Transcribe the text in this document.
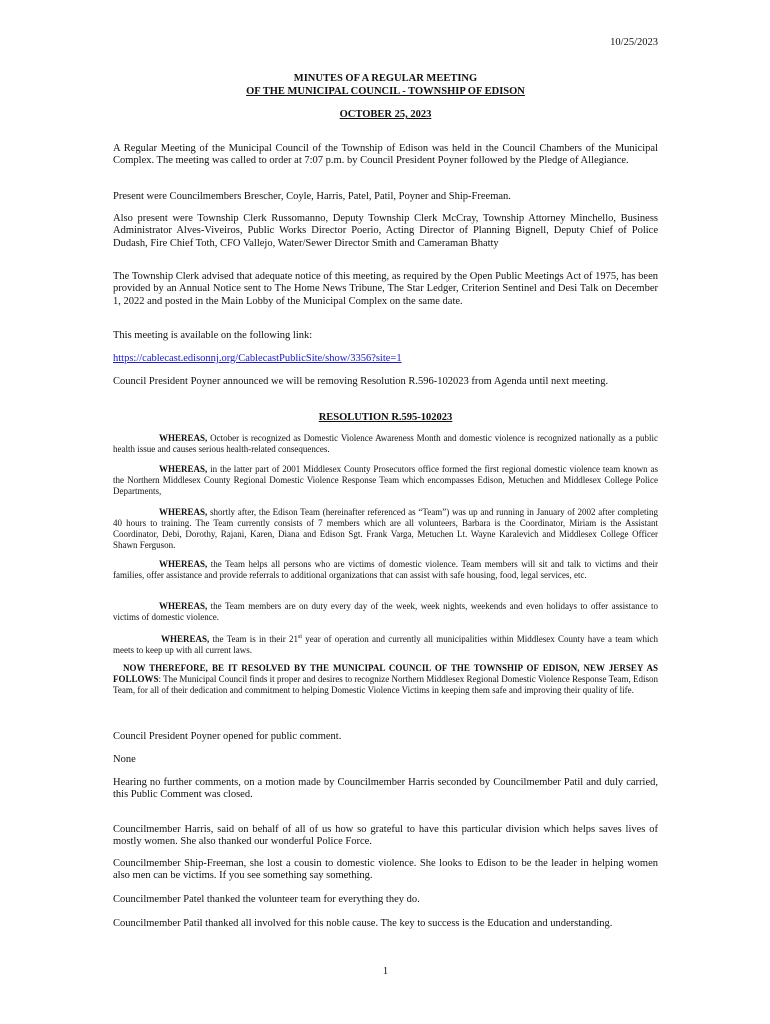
10/25/2023
MINUTES OF A REGULAR MEETING
OF THE MUNICIPAL COUNCIL - TOWNSHIP OF EDISON
OCTOBER 25, 2023

A Regular Meeting of the Municipal Council of the Township of Edison was held in the Council Chambers of the Municipal Complex. The meeting was called to order at 7:07 p.m. by Council President Poyner followed by the Pledge of Allegiance.

Present were Councilmembers Brescher, Coyle, Harris, Patel, Patil, Poyner and Ship-Freeman.

Also present were Township Clerk Russomanno, Deputy Township Clerk McCray, Township Attorney Minchello, Business Administrator Alves-Viveiros, Public Works Director Poerio, Acting Director of Planning Bignell, Deputy Chief of Police Dudash, Fire Chief Toth, CFO Vallejo, Water/Sewer Director Smith and Cameraman Bhatty

The Township Clerk advised that adequate notice of this meeting, as required by the Open Public Meetings Act of 1975, has been provided by an Annual Notice sent to The Home News Tribune, The Star Ledger, Criterion Sentinel and Desi Talk on December 1, 2022 and posted in the Main Lobby of the Municipal Complex on the same date.

This meeting is available on the following link:

https://cablecast.edisonnj.org/CablecastPublicSite/show/3356?site=1

Council President Poyner announced we will be removing Resolution R.596-102023 from Agenda until next meeting.

RESOLUTION R.595-102023

WHEREAS, October is recognized as Domestic Violence Awareness Month and domestic violence is recognized nationally as a public health issue and causes serious health-related consequences.

WHEREAS, in the latter part of 2001 Middlesex County Prosecutors office formed the first regional domestic violence team known as the Northern Middlesex County Regional Domestic Violence Response Team which encompasses Edison, Metuchen and Middlesex College Police Departments,

WHEREAS, shortly after, the Edison Team (hereinafter referenced as “Team”) was up and running in January of 2002 after completing 40 hours to training. The Team currently consists of 7 members which are all volunteers, Barbara is the Coordinator, Miriam is the Assistant Coordinator, Debi, Dorothy, Rajani, Karen, Diana and Edison Sgt. Frank Varga, Metuchen Lt. Wayne Karalevich and Middlesex College Officer Shawn Ferguson.

WHEREAS, the Team helps all persons who are victims of domestic violence. Team members will sit and talk to victims and their families, offer assistance and provide referrals to additional organizations that can assist with safe housing, food, legal services, etc.

WHEREAS, the Team members are on duty every day of the week, week nights, weekends and even holidays to offer assistance to victims of domestic violence.

WHEREAS, the Team is in their 21st year of operation and currently all municipalities within Middlesex County have a team which meets to keep up with all current laws.

NOW THEREFORE, BE IT RESOLVED BY THE MUNICIPAL COUNCIL OF THE TOWNSHIP OF EDISON, NEW JERSEY AS FOLLOWS: The Municipal Council finds it proper and desires to recognize Northern Middlesex Regional Domestic Violence Response Team, Edison Team, for all of their dedication and commitment to helping Domestic Violence Victims in keeping them safe and improving their quality of life.

Council President Poyner opened for public comment.

None

Hearing no further comments, on a motion made by Councilmember Harris seconded by Councilmember Patil and duly carried, this Public Comment was closed.

Councilmember Harris, said on behalf of all of us how so grateful to have this particular division which helps saves lives of mostly women. She also thanked our wonderful Police Force.

Councilmember Ship-Freeman, she lost a cousin to domestic violence. She looks to Edison to be the leader in helping women also men can be victims. If you see something say something.

Councilmember Patel thanked the volunteer team for everything they do.

Councilmember Patil thanked all involved for this noble cause. The key to success is the Education and understanding.

1
